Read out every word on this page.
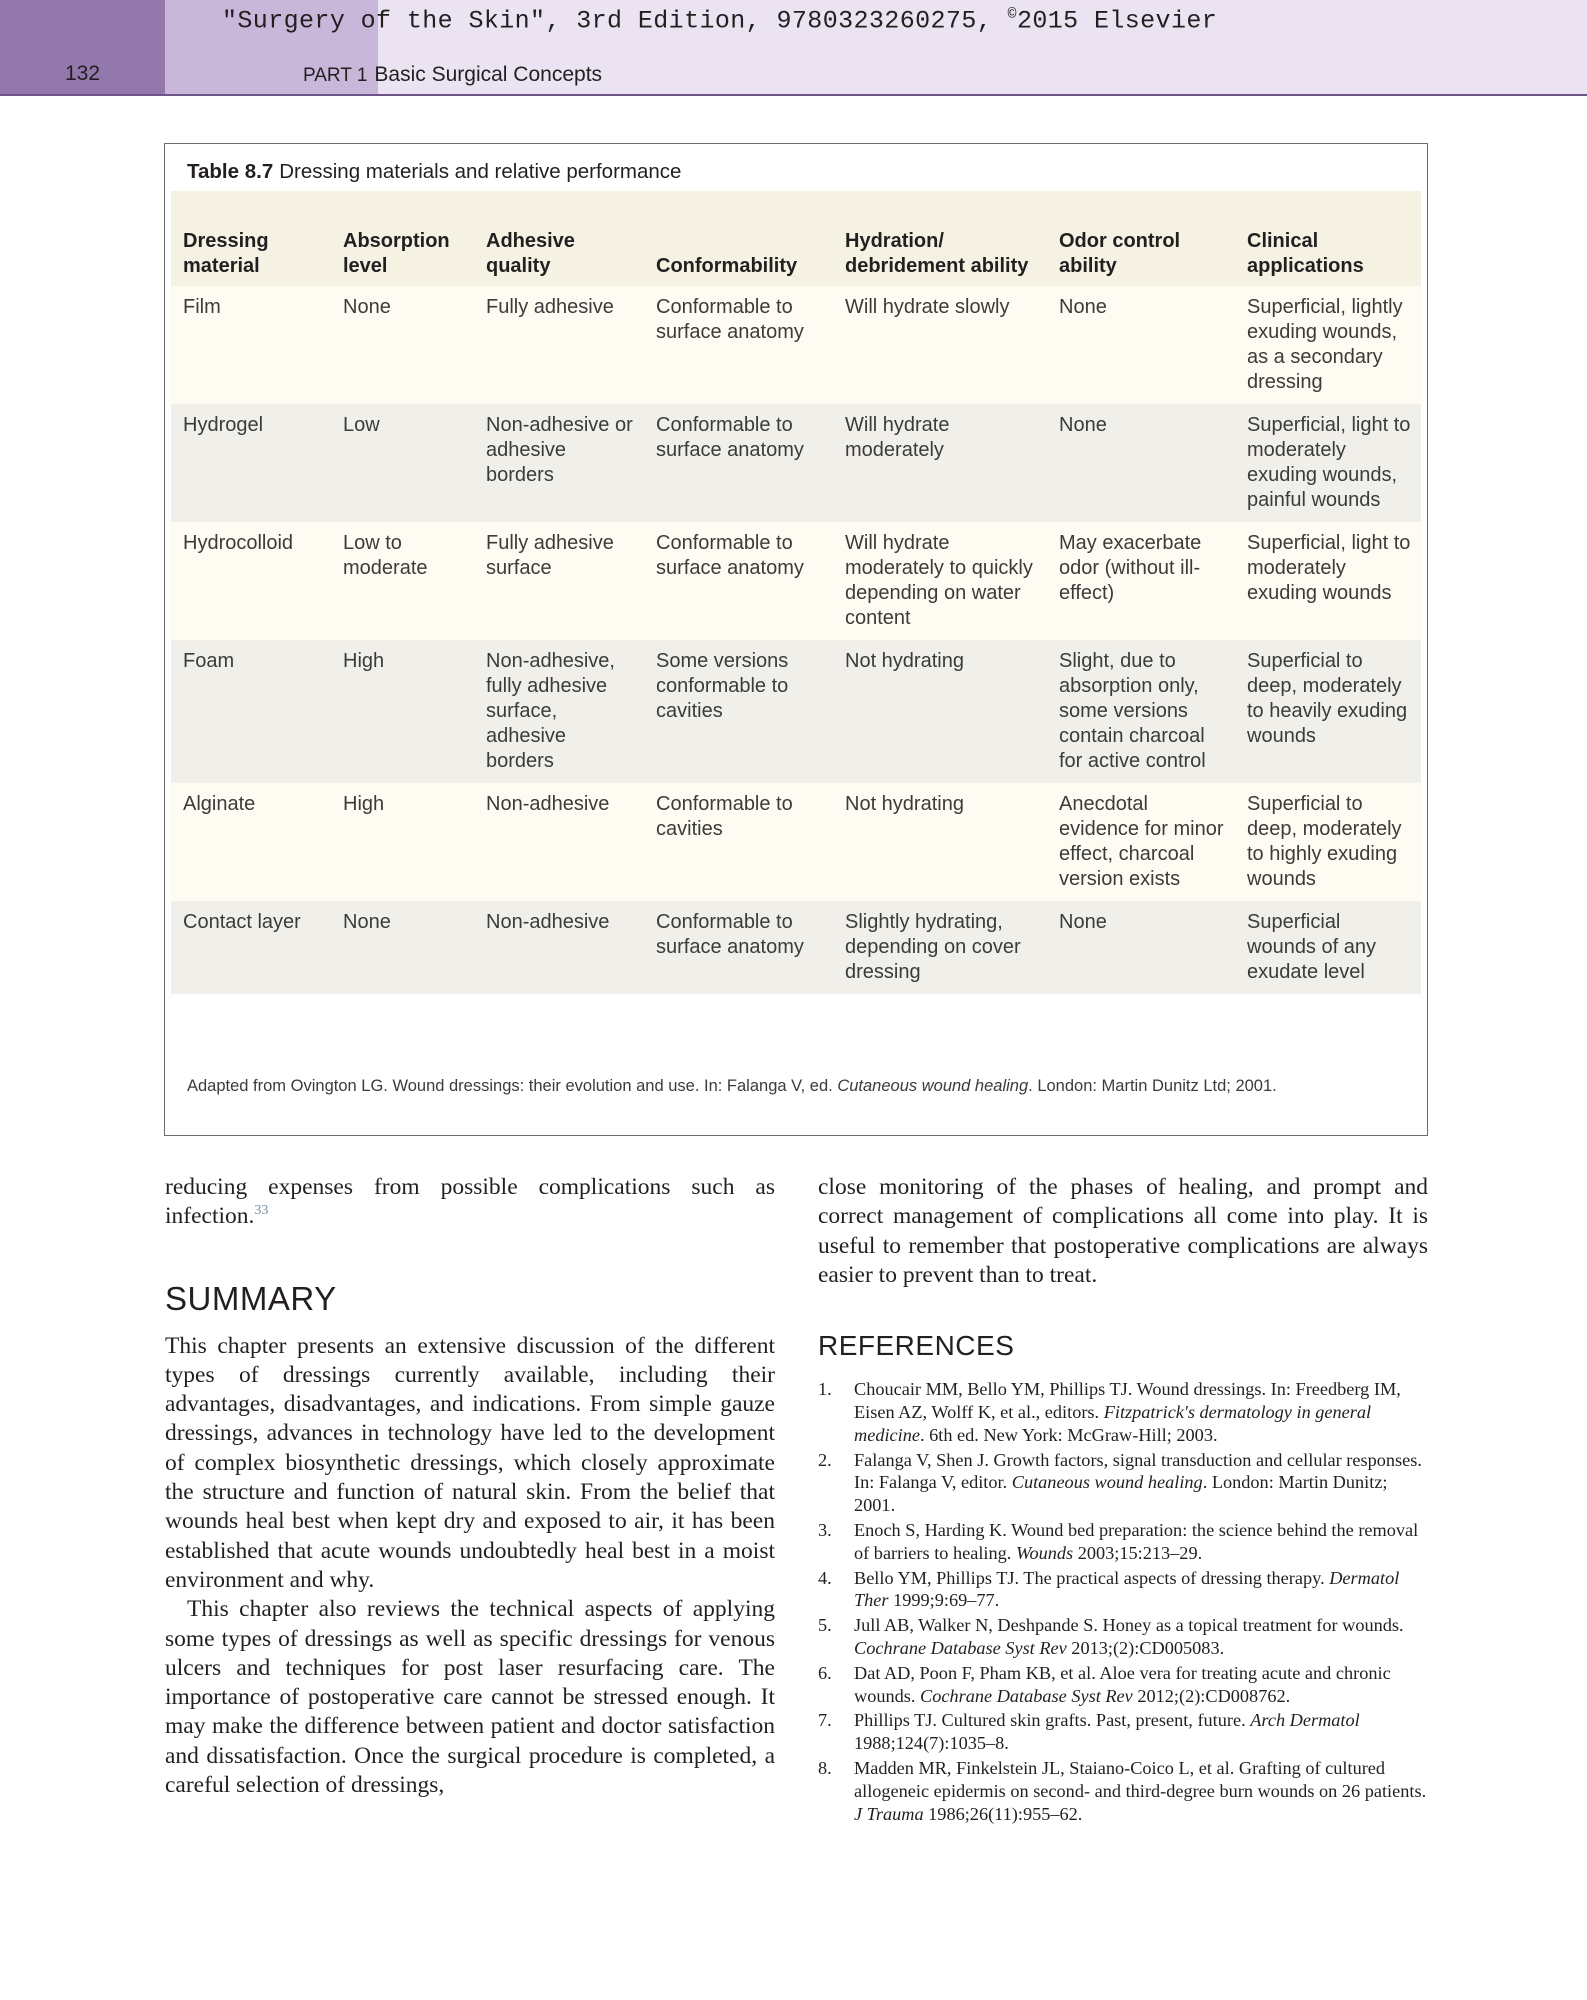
"Surgery of the Skin", 3rd Edition, 9780323260275, ©2015 Elsevier
132	PART 1 Basic Surgical Concepts
Table 8.7 Dressing materials and relative performance
Dressing material	Absorption level	Adhesive quality	Conformability	Hydration/ debridement ability	Odor control ability	Clinical applications
Film	None	Fully adhesive	Conformable to surface anatomy	Will hydrate slowly	None	Superficial, lightly exuding wounds, as a secondary dressing
Hydrogel	Low	Non-adhesive or adhesive borders	Conformable to surface anatomy	Will hydrate moderately	None	Superficial, light to moderately exuding wounds, painful wounds
Hydrocolloid	Low to moderate	Fully adhesive surface	Conformable to surface anatomy	Will hydrate moderately to quickly depending on water content	May exacerbate odor (without ill-effect)	Superficial, light to moderately exuding wounds
Foam	High	Non-adhesive, fully adhesive surface, adhesive borders	Some versions conformable to cavities	Not hydrating	Slight, due to absorption only, some versions contain charcoal for active control	Superficial to deep, moderately to heavily exuding wounds
Alginate	High	Non-adhesive	Conformable to cavities	Not hydrating	Anecdotal evidence for minor effect, charcoal version exists	Superficial to deep, moderately to highly exuding wounds
Contact layer	None	Non-adhesive	Conformable to surface anatomy	Slightly hydrating, depending on cover dressing	None	Superficial wounds of any exudate level
Adapted from Ovington LG. Wound dressings: their evolution and use. In: Falanga V, ed. Cutaneous wound healing. London: Martin Dunitz Ltd; 2001.

reducing expenses from possible complications such as infection.$^{33}$

SUMMARY

This chapter presents an extensive discussion of the different types of dressings currently available, including their advantages, disadvantages, and indications. From simple gauze dressings, advances in technology have led to the development of complex biosynthetic dressings, which closely approximate the structure and function of natural skin. From the belief that wounds heal best when kept dry and exposed to air, it has been established that acute wounds undoubtedly heal best in a moist environment and why.

This chapter also reviews the technical aspects of applying some types of dressings as well as specific dressings for venous ulcers and techniques for post laser resurfacing care. The importance of postoperative care cannot be stressed enough. It may make the difference between patient and doctor satisfaction and dissatisfaction. Once the surgical procedure is completed, a careful selection of dressings,

close monitoring of the phases of healing, and prompt and correct management of complications all come into play. It is useful to remember that postoperative complications are always easier to prevent than to treat.

REFERENCES
1. Choucair MM, Bello YM, Phillips TJ. Wound dressings. In: Freedberg IM, Eisen AZ, Wolff K, et al., editors. Fitzpatrick's dermatology in general medicine. 6th ed. New York: McGraw-Hill; 2003.
2. Falanga V, Shen J. Growth factors, signal transduction and cellular responses. In: Falanga V, editor. Cutaneous wound healing. London: Martin Dunitz; 2001.
3. Enoch S, Harding K. Wound bed preparation: the science behind the removal of barriers to healing. Wounds 2003;15:213–29.
4. Bello YM, Phillips TJ. The practical aspects of dressing therapy. Dermatol Ther 1999;9:69–77.
5. Jull AB, Walker N, Deshpande S. Honey as a topical treatment for wounds. Cochrane Database Syst Rev 2013;(2):CD005083.
6. Dat AD, Poon F, Pham KB, et al. Aloe vera for treating acute and chronic wounds. Cochrane Database Syst Rev 2012;(2):CD008762.
7. Phillips TJ. Cultured skin grafts. Past, present, future. Arch Dermatol 1988;124(7):1035–8.
8. Madden MR, Finkelstein JL, Staiano-Coico L, et al. Grafting of cultured allogeneic epidermis on second- and third-degree burn wounds on 26 patients. J Trauma 1986;26(11):955–62.
